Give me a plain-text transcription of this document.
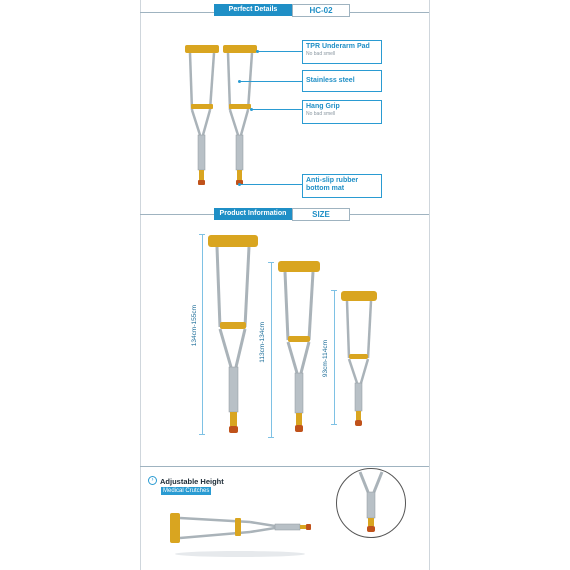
Perfect Details	HC-02
TPR Underarm Pad
No bad smell
Stainless steel
Hang Grip
No bad smell
Anti-slip rubber bottom mat
Product Information	SIZE
134cm-155cm	113cm-134cm	93cm-114cm
› Adjustable Height
Medical Crutches
